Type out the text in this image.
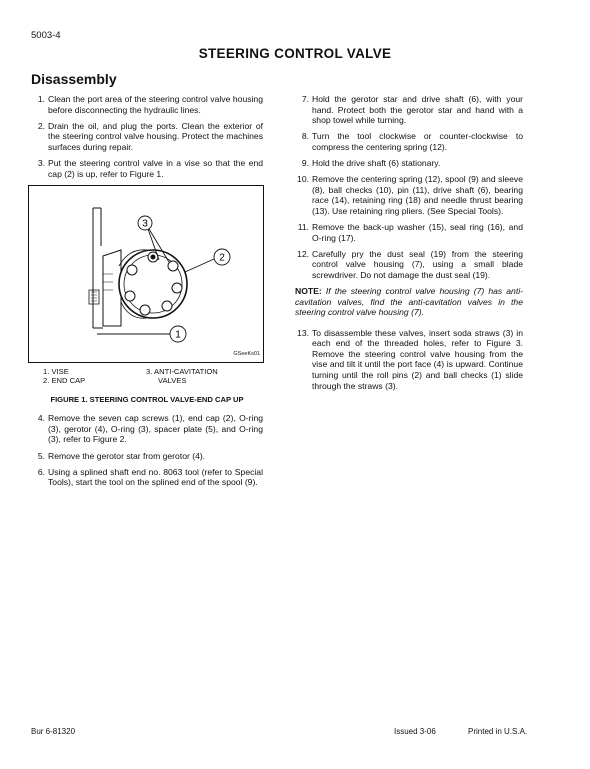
5003-4
STEERING CONTROL VALVE
Disassembly
1. Clean the port area of the steering control valve housing before disconnecting the hydraulic lines.
2. Drain the oil, and plug the ports. Clean the exterior of the steering control valve housing. Protect the machines surfaces during repair.
3. Put the steering control valve in a vise so that the end cap (2) is up, refer to Figure 1.
3
2
1
GSeeKs01
1. VISE
2. END CAP
3. ANTI-CAVITATION
VALVES
FIGURE 1. STEERING CONTROL VALVE-END CAP UP
4. Remove the seven cap screws (1), end cap (2), O-ring (3), gerotor (4), O-ring (3), spacer plate (5), and O-ring (3), refer to Figure 2.
5. Remove the gerotor star from gerotor (4).
6. Using a splined shaft end no. 8063 tool (refer to Special Tools), start the tool on the splined end of the spool (9).
7. Hold the gerotor star and drive shaft (6), with your hand. Protect both the gerotor star and hand with a shop towel while turning.
8. Turn the tool clockwise or counter-clockwise to compress the centering spring (12).
9. Hold the drive shaft (6) stationary.
10. Remove the centering spring (12), spool (9) and sleeve (8), ball checks (10), pin (11), drive shaft (6), bearing race (14), retaining ring (18) and needle thrust bearing (13). Use retaining ring pliers. (See Special Tools).
11. Remove the back-up washer (15), seal ring (16), and O-ring (17).
12. Carefully pry the dust seal (19) from the steering control valve housing (7), using a small blade screwdriver. Do not damage the dust seal (19).
NOTE: If the steering control valve housing (7) has anti-cavitation valves, find the anti-cavitation valves in the steering control valve housing (7).
13. To disassemble these valves, insert soda straws (3) in each end of the threaded holes, refer to Figure 3. Remove the steering control valve housing from the vise and tilt it until the port face (4) is upward. Continue turning until the roll pins (2) and ball checks (1) slide through the straws (3).
Bur 6-81320	Issued 3-06	Printed in U.S.A.
